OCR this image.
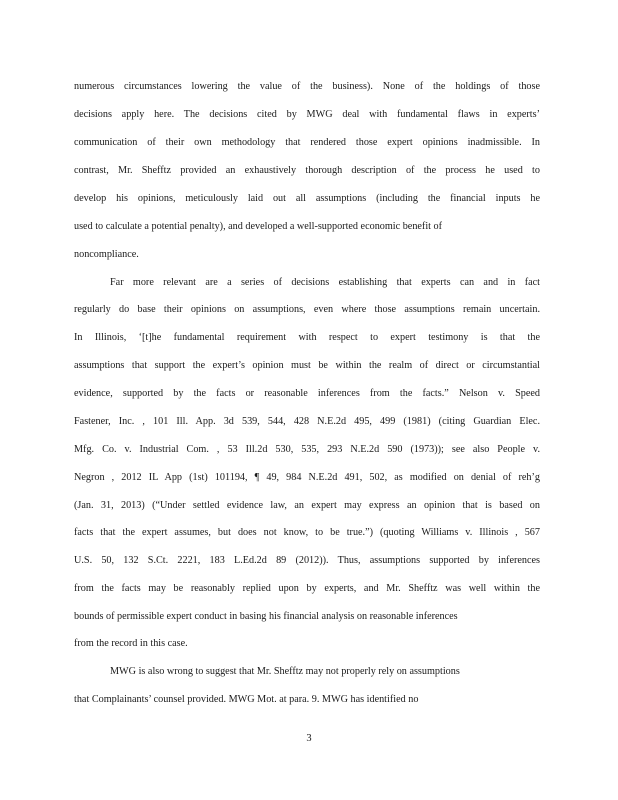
numerous circumstances lowering the value of the business). None of the holdings of those
decisions apply here. The decisions cited by MWG deal with fundamental flaws in experts’
communication of their own methodology that rendered those expert opinions inadmissible. In
contrast, Mr. Shefftz provided an exhaustively thorough description of the process he used to
develop his opinions, meticulously laid out all assumptions (including the financial inputs he
used to calculate a potential penalty), and developed a well-supported economic benefit of
noncompliance.
Far more relevant are a series of decisions establishing that experts can and in fact
regularly do base their opinions on assumptions, even where those assumptions remain uncertain.
In Illinois, ‘[t]he fundamental requirement with respect to expert testimony is that the
assumptions that support the expert’s opinion must be within the realm of direct or circumstantial
evidence, supported by the facts or reasonable inferences from the facts.” Nelson v. Speed
Fastener, Inc. , 101 Ill. App. 3d 539, 544, 428 N.E.2d 495, 499 (1981) (citing Guardian Elec.
Mfg. Co. v. Industrial Com. , 53 Ill.2d 530, 535, 293 N.E.2d 590 (1973)); see also People v.
Negron , 2012 IL App (1st) 101194, ¶ 49, 984 N.E.2d 491, 502, as modified on denial of reh’g
(Jan. 31, 2013) (“Under settled evidence law, an expert may express an opinion that is based on
facts that the expert assumes, but does not know, to be true.”) (quoting Williams v. Illinois , 567
U.S. 50, 132 S.Ct. 2221, 183 L.Ed.2d 89 (2012)). Thus, assumptions supported by inferences
from the facts may be reasonably replied upon by experts, and Mr. Shefftz was well within the
bounds of permissible expert conduct in basing his financial analysis on reasonable inferences
from the record in this case.
MWG is also wrong to suggest that Mr. Shefftz may not properly rely on assumptions
that Complainants’ counsel provided. MWG Mot. at para. 9. MWG has identified no
3
